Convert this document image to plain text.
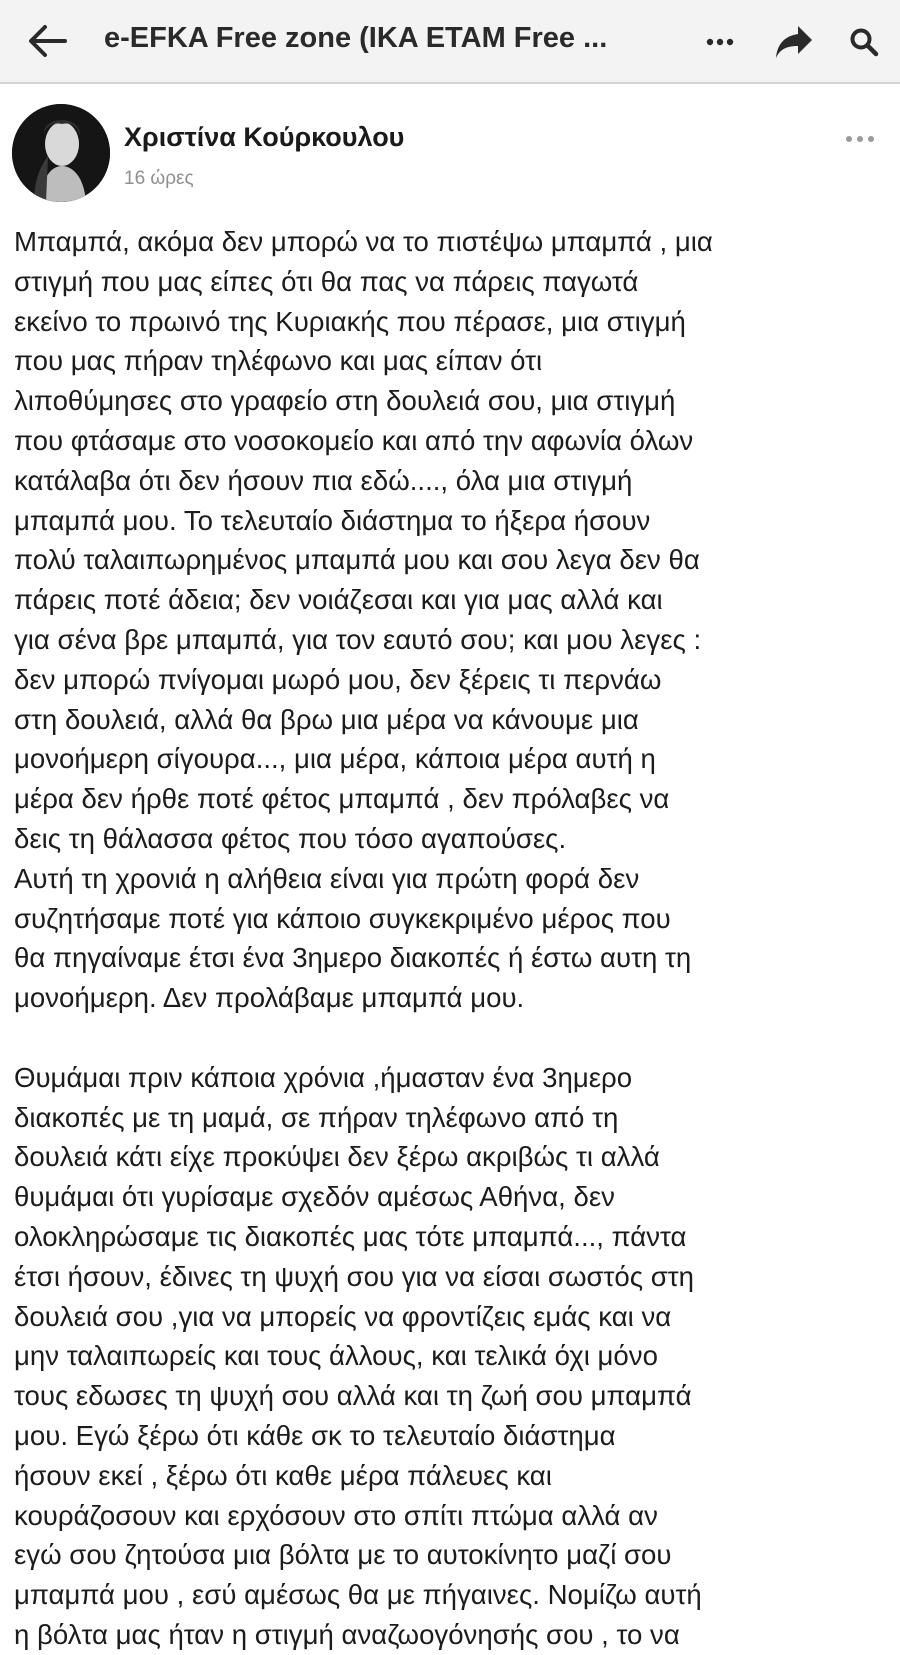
e-EFKA Free zone (IKA ETAM Free ...
Χριστίνα Κούρκουλου
16 ώρες
Μπαμπά, ακόμα δεν μπορώ να το πιστέψω μπαμπά , μια
στιγμή που μας είπες ότι θα πας να πάρεις παγωτά
εκείνο το πρωινό της Κυριακής που πέρασε, μια στιγμή
που μας πήραν τηλέφωνο και μας είπαν ότι
λιποθύμησες στο γραφείο στη δουλειά σου, μια στιγμή
που φτάσαμε στο νοσοκομείο και από την αφωνία όλων
κατάλαβα ότι δεν ήσουν πια εδώ...., όλα μια στιγμή
μπαμπά μου. Το τελευταίο διάστημα το ήξερα ήσουν
πολύ ταλαιπωρημένος μπαμπά μου και σου λεγα δεν θα
πάρεις ποτέ άδεια; δεν νοιάζεσαι και για μας αλλά και
για σένα βρε μπαμπά, για τον εαυτό σου; και μου λεγες :
δεν μπορώ πνίγομαι μωρό μου, δεν ξέρεις τι περνάω
στη δουλειά, αλλά θα βρω μια μέρα να κάνουμε μια
μονοήμερη σίγουρα..., μια μέρα, κάποια μέρα αυτή η
μέρα δεν ήρθε ποτέ φέτος μπαμπά , δεν πρόλαβες να
δεις τη θάλασσα φέτος που τόσο αγαπούσες.
Αυτή τη χρονιά η αλήθεια είναι για πρώτη φορά δεν
συζητήσαμε ποτέ για κάποιο συγκεκριμένο μέρος που
θα πηγαίναμε έτσι ένα 3ημερο διακοπές ή έστω αυτη τη
μονοήμερη. Δεν προλάβαμε μπαμπά μου.
Θυμάμαι πριν κάποια χρόνια ,ήμασταν ένα 3ημερο
διακοπές με τη μαμά, σε πήραν τηλέφωνο από τη
δουλειά κάτι είχε προκύψει δεν ξέρω ακριβώς τι αλλά
θυμάμαι ότι γυρίσαμε σχεδόν αμέσως Αθήνα, δεν
ολοκληρώσαμε τις διακοπές μας τότε μπαμπά..., πάντα
έτσι ήσουν, έδινες τη ψυχή σου για να είσαι σωστός στη
δουλειά σου ,για να μπορείς να φροντίζεις εμάς και να
μην ταλαιπωρείς και τους άλλους, και τελικά όχι μόνο
τους εδωσες τη ψυχή σου αλλά και τη ζωή σου μπαμπά
μου. Εγώ ξέρω ότι κάθε σκ το τελευταίο διάστημα
ήσουν εκεί , ξέρω ότι καθε μέρα πάλευες και
κουράζοσουν και ερχόσουν στο σπίτι πτώμα αλλά αν
εγώ σου ζητούσα μια βόλτα με το αυτοκίνητο μαζί σου
μπαμπά μου , εσύ αμέσως θα με πήγαινες. Νομίζω αυτή
η βόλτα μας ήταν η στιγμή αναζωογόνησής σου , το να
